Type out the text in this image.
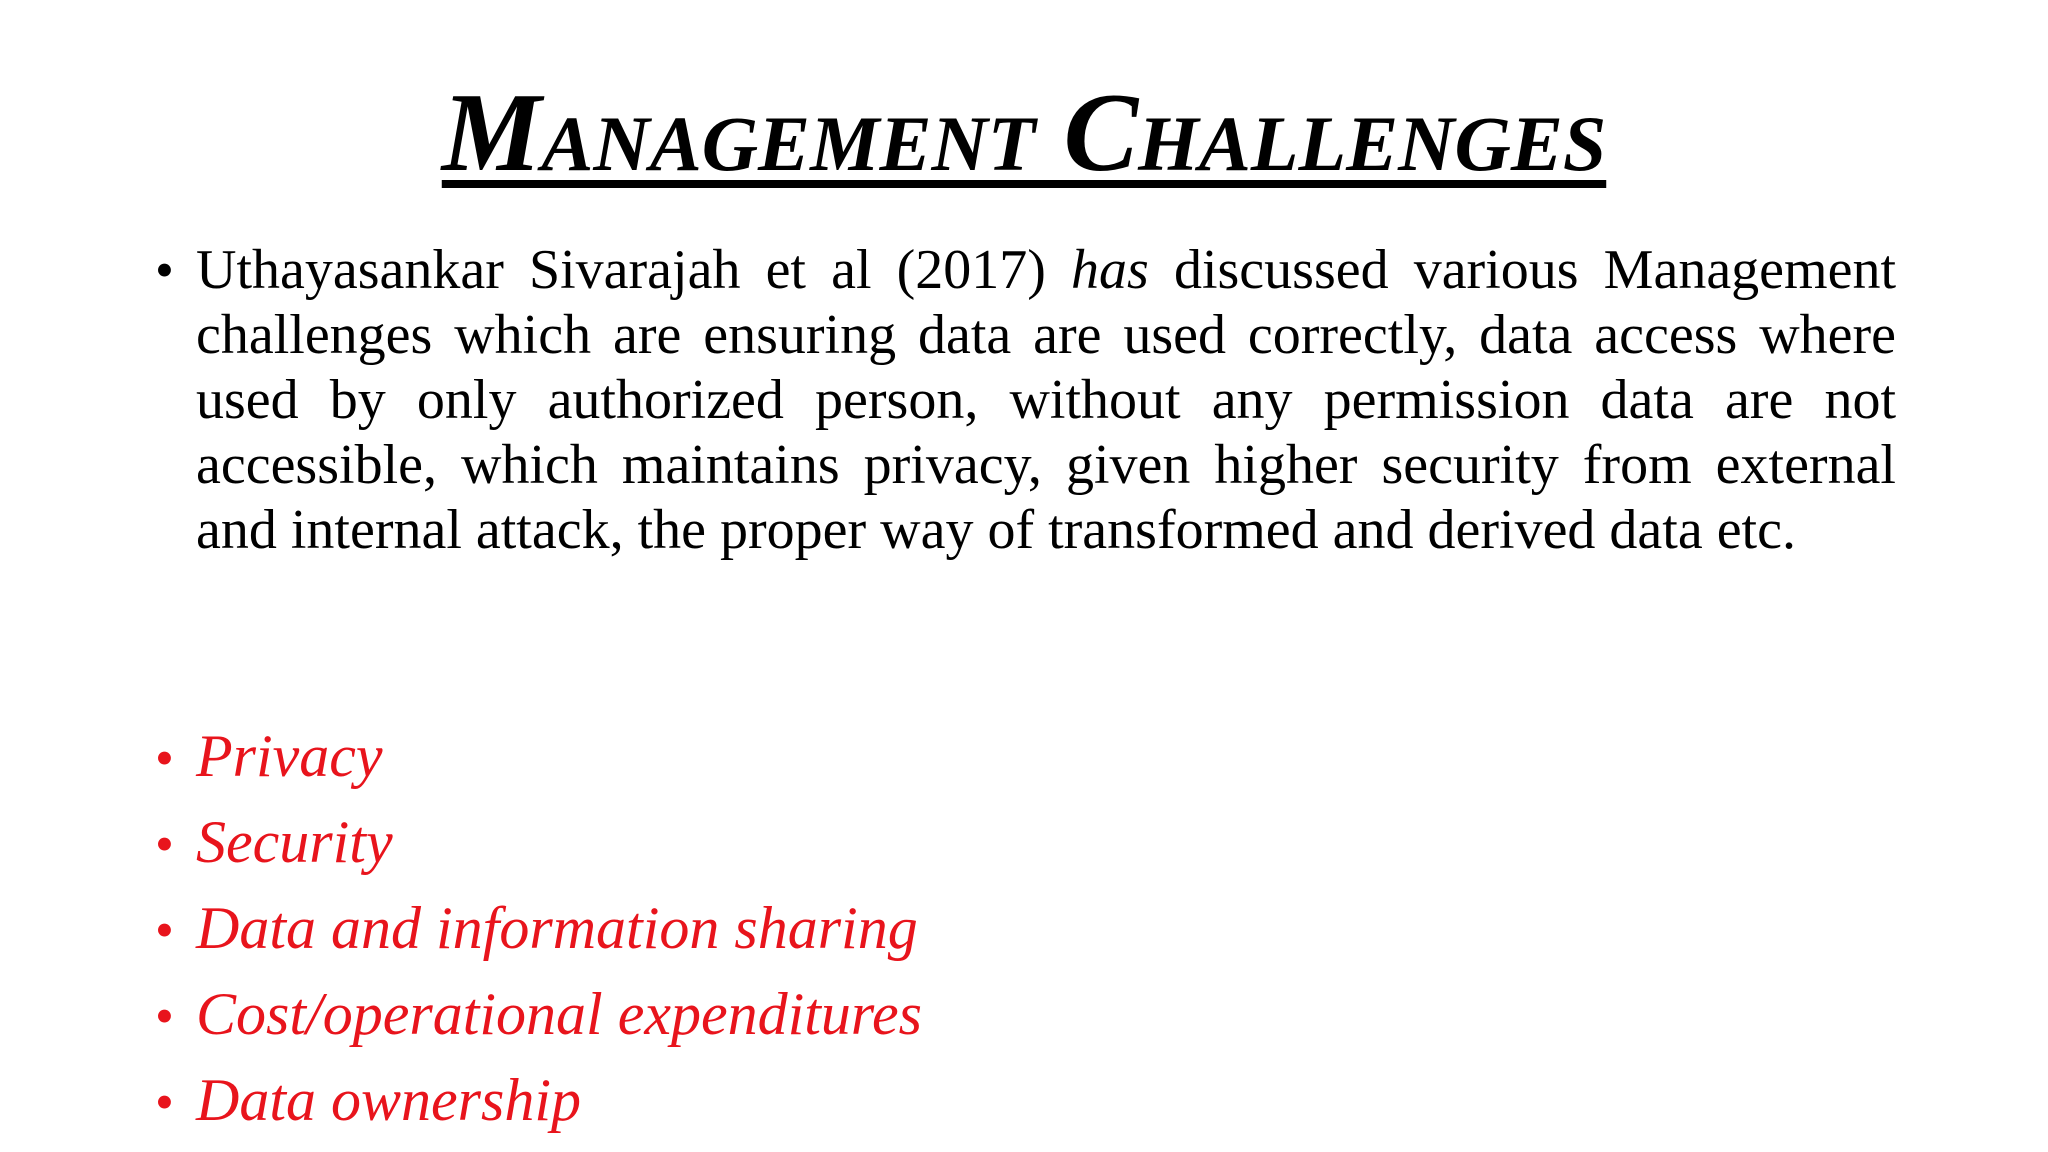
Management Challenges
• Uthayasankar Sivarajah et al (2017) has discussed various Management challenges which are ensuring data are used correctly, data access where used by only authorized person, without any permission data are not accessible, which maintains privacy, given higher security from external and internal attack, the proper way of transformed and derived data etc.
• Privacy
• Security
• Data and information sharing
• Cost/operational expenditures
• Data ownership
